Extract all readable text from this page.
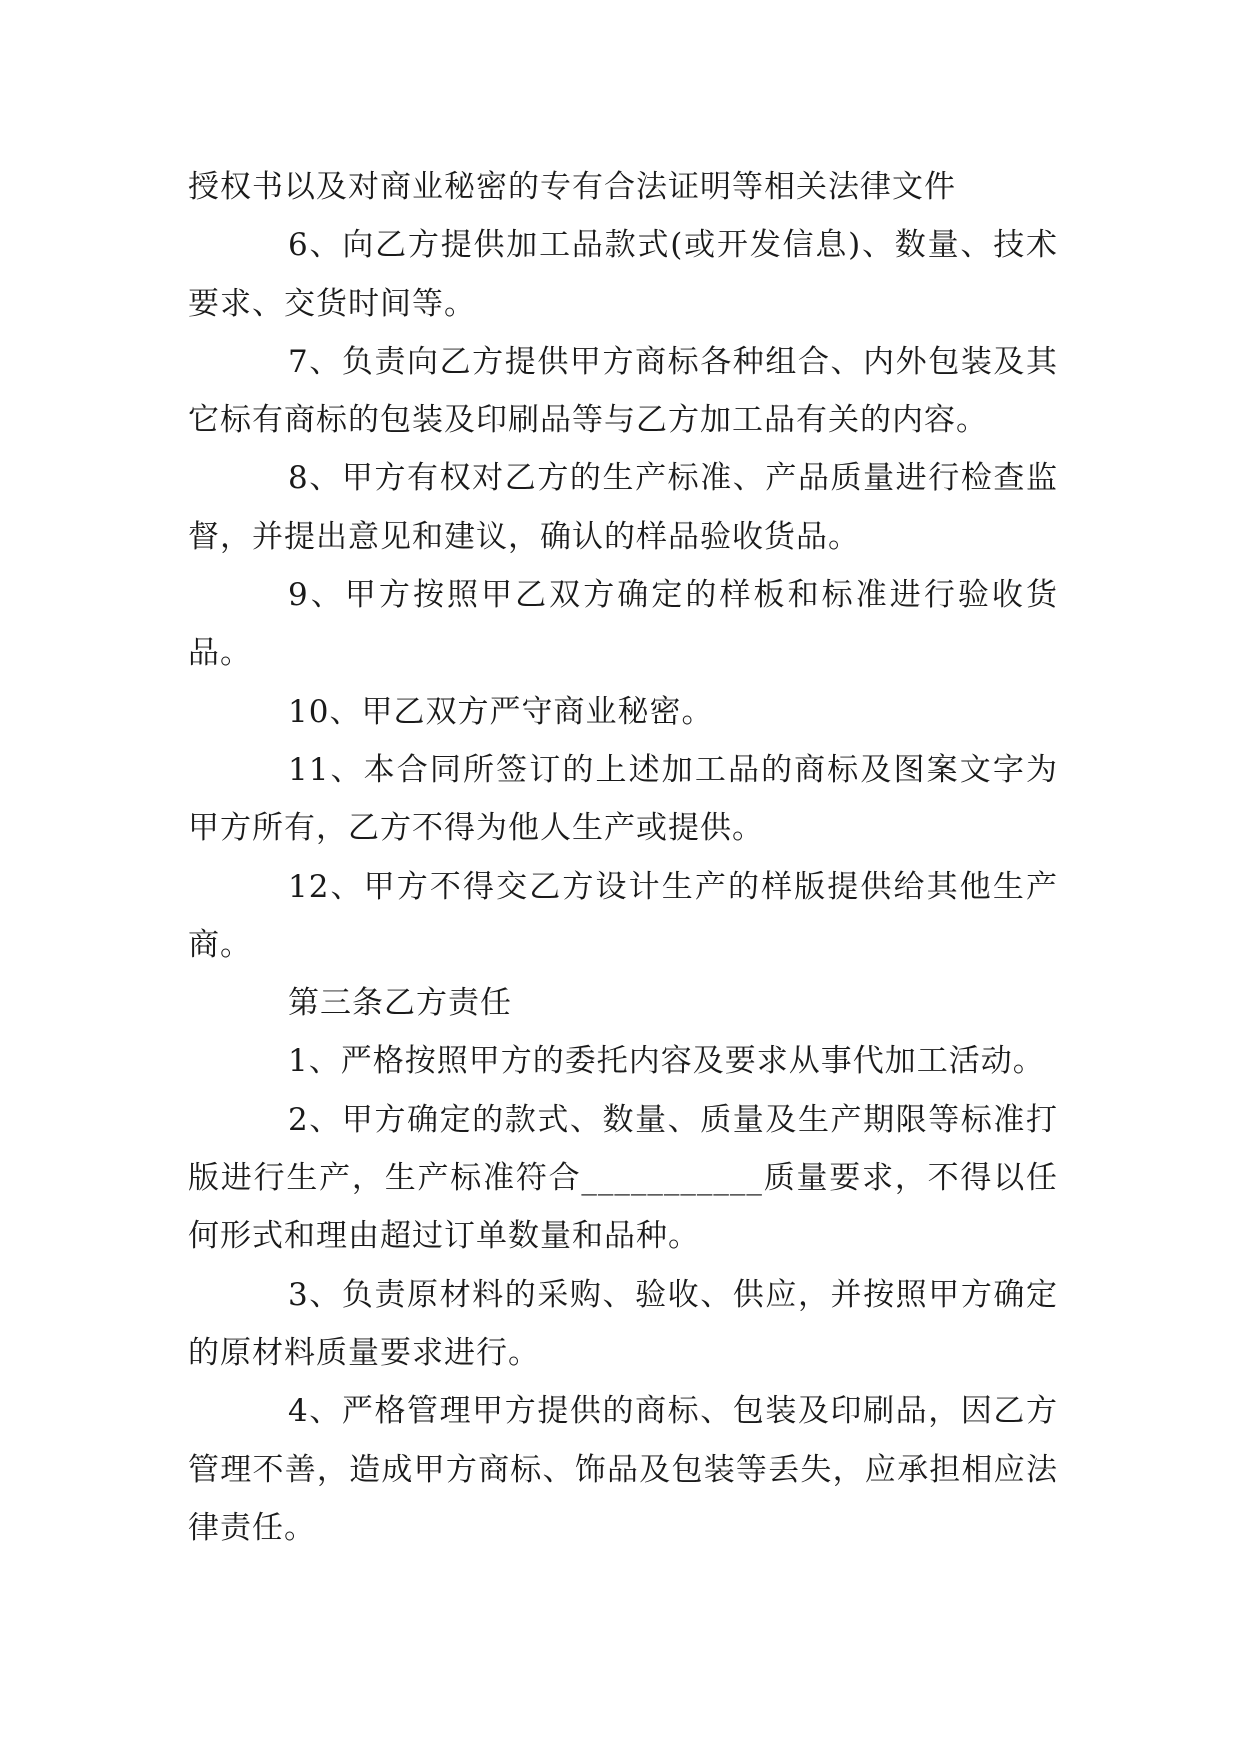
授权书以及对商业秘密的专有合法证明等相关法律文件

6、向乙方提供加工品款式(或开发信息)、数量、技术要求、交货时间等。

7、负责向乙方提供甲方商标各种组合、内外包装及其它标有商标的包装及印刷品等与乙方加工品有关的内容。

8、甲方有权对乙方的生产标准、产品质量进行检查监督，并提出意见和建议，确认的样品验收货品。

9、甲方按照甲乙双方确定的样板和标准进行验收货品。

10、甲乙双方严守商业秘密。

11、本合同所签订的上述加工品的商标及图案文字为甲方所有，乙方不得为他人生产或提供。

12、甲方不得交乙方设计生产的样版提供给其他生产商。

第三条乙方责任

1、严格按照甲方的委托内容及要求从事代加工活动。

2、甲方确定的款式、数量、质量及生产期限等标准打版进行生产，生产标准符合___________质量要求，不得以任何形式和理由超过订单数量和品种。

3、负责原材料的采购、验收、供应，并按照甲方确定的原材料质量要求进行。

4、严格管理甲方提供的商标、包装及印刷品，因乙方管理不善，造成甲方商标、饰品及包装等丢失，应承担相应法律责任。
